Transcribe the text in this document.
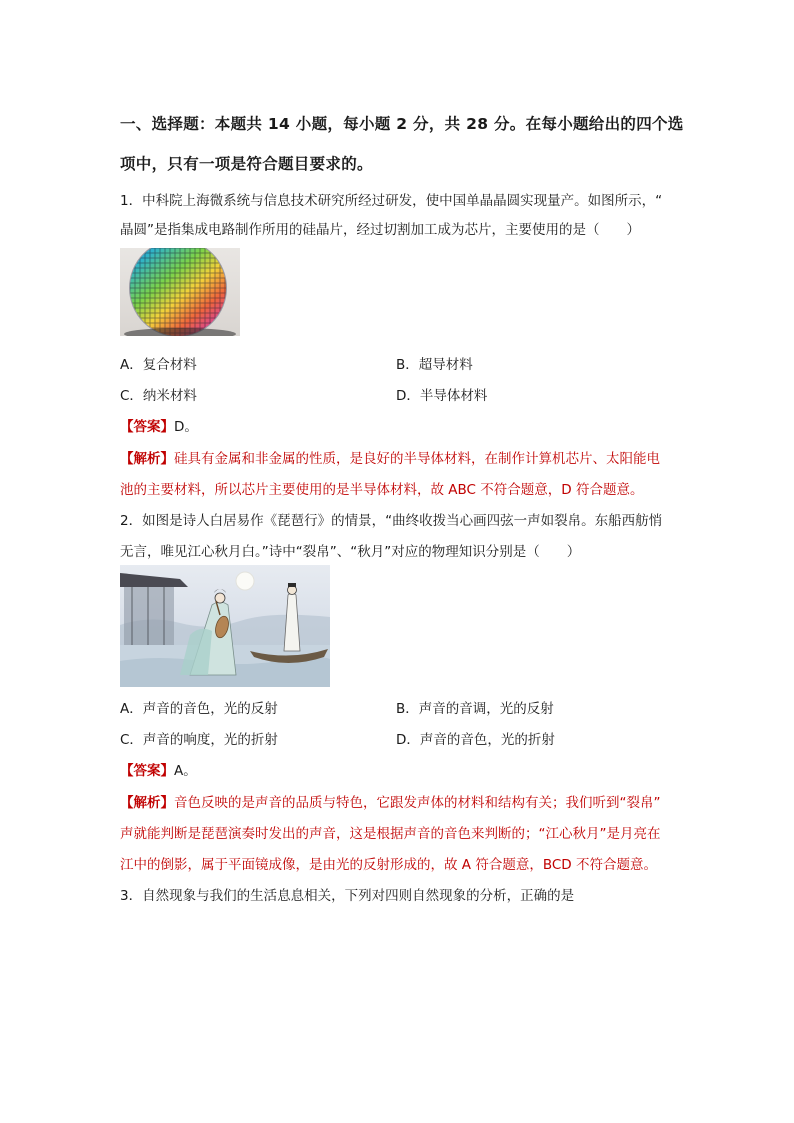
一、选择题：本题共 14 小题，每小题 2 分，共 28 分。在每小题给出的四个选项中，只有一项是符合题目要求的。
1．中科院上海微系统与信息技术研究所经过研发，使中国单晶晶圆实现量产。如图所示，“
晶圆”是指集成电路制作所用的硅晶片，经过切割加工成为芯片，主要使用的是（　　）
A．复合材料	B．超导材料
C．纳米材料	D．半导体材料
【答案】D。
【解析】硅具有金属和非金属的性质，是良好的半导体材料，在制作计算机芯片、太阳能电
池的主要材料，所以芯片主要使用的是半导体材料，故 ABC 不符合题意，D 符合题意。
2．如图是诗人白居易作《琵琶行》的情景，“曲终收拨当心画四弦一声如裂帛。东船西舫悄
无言，唯见江心秋月白。”诗中“裂帛”、“秋月”对应的物理知识分别是（　　）
A．声音的音色，光的反射	B．声音的音调，光的反射
C．声音的响度，光的折射	D．声音的音色，光的折射
【答案】A。
【解析】音色反映的是声音的品质与特色，它跟发声体的材料和结构有关；我们听到“裂帛”
声就能判断是琵琶演奏时发出的声音，这是根据声音的音色来判断的；“江心秋月”是月亮在
江中的倒影，属于平面镜成像，是由光的反射形成的，故 A 符合题意，BCD 不符合题意。
3．自然现象与我们的生活息息相关，下列对四则自然现象的分析，正确的是
